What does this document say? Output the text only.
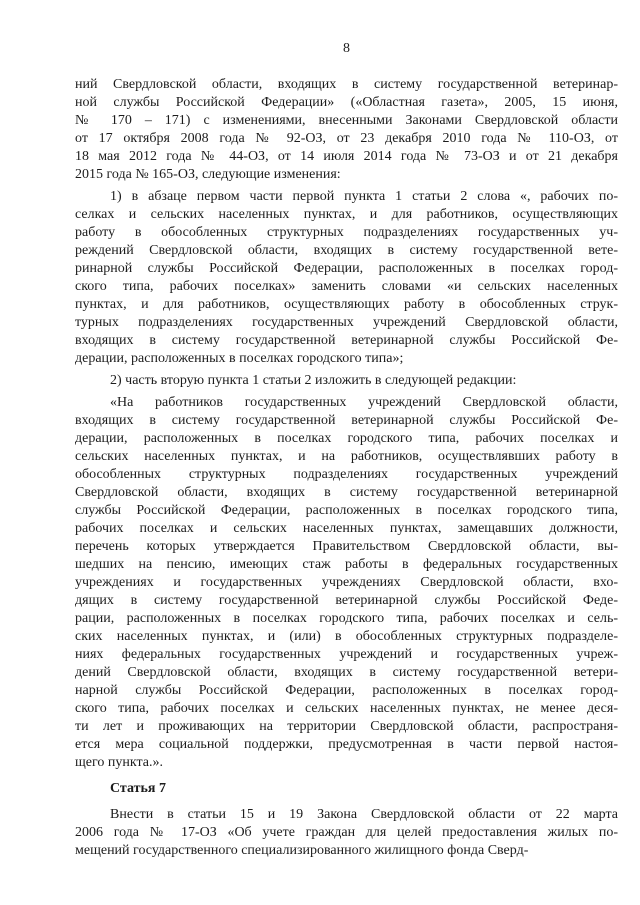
8
ний Свердловской области, входящих в систему государственной ветеринар-
ной службы Российской Федерации» («Областная газета», 2005, 15 июня,
№ 170 – 171) с изменениями, внесенными Законами Свердловской области
от 17 октября 2008 года № 92-ОЗ, от 23 декабря 2010 года № 110-ОЗ, от
18 мая 2012 года № 44-ОЗ, от 14 июля 2014 года № 73-ОЗ и от 21 декабря
2015 года № 165-ОЗ, следующие изменения:
1) в абзаце первом части первой пункта 1 статьи 2 слова «, рабочих по-
селках и сельских населенных пунктах, и для работников, осуществляющих
работу в обособленных структурных подразделениях государственных уч-
реждений Свердловской области, входящих в систему государственной вете-
ринарной службы Российской Федерации, расположенных в поселках город-
ского типа, рабочих поселках» заменить словами «и сельских населенных
пунктах, и для работников, осуществляющих работу в обособленных струк-
турных подразделениях государственных учреждений Свердловской области,
входящих в систему государственной ветеринарной службы Российской Фе-
дерации, расположенных в поселках городского типа»;
2) часть вторую пункта 1 статьи 2 изложить в следующей редакции:
«На работников государственных учреждений Свердловской области,
входящих в систему государственной ветеринарной службы Российской Фе-
дерации, расположенных в поселках городского типа, рабочих поселках и
сельских населенных пунктах, и на работников, осуществлявших работу в
обособленных структурных подразделениях государственных учреждений
Свердловской области, входящих в систему государственной ветеринарной
службы Российской Федерации, расположенных в поселках городского типа,
рабочих поселках и сельских населенных пунктах, замещавших должности,
перечень которых утверждается Правительством Свердловской области, вы-
шедших на пенсию, имеющих стаж работы в федеральных государственных
учреждениях и государственных учреждениях Свердловской области, вхо-
дящих в систему государственной ветеринарной службы Российской Феде-
рации, расположенных в поселках городского типа, рабочих поселках и сель-
ских населенных пунктах, и (или) в обособленных структурных подразделе-
ниях федеральных государственных учреждений и государственных учреж-
дений Свердловской области, входящих в систему государственной ветери-
нарной службы Российской Федерации, расположенных в поселках город-
ского типа, рабочих поселках и сельских населенных пунктах, не менее деся-
ти лет и проживающих на территории Свердловской области, распространя-
ется мера социальной поддержки, предусмотренная в части первой настоя-
щего пункта.».
Статья 7
Внести в статьи 15 и 19 Закона Свердловской области от 22 марта
2006 года № 17-ОЗ «Об учете граждан для целей предоставления жилых по-
мещений государственного специализированного жилищного фонда Сверд-
